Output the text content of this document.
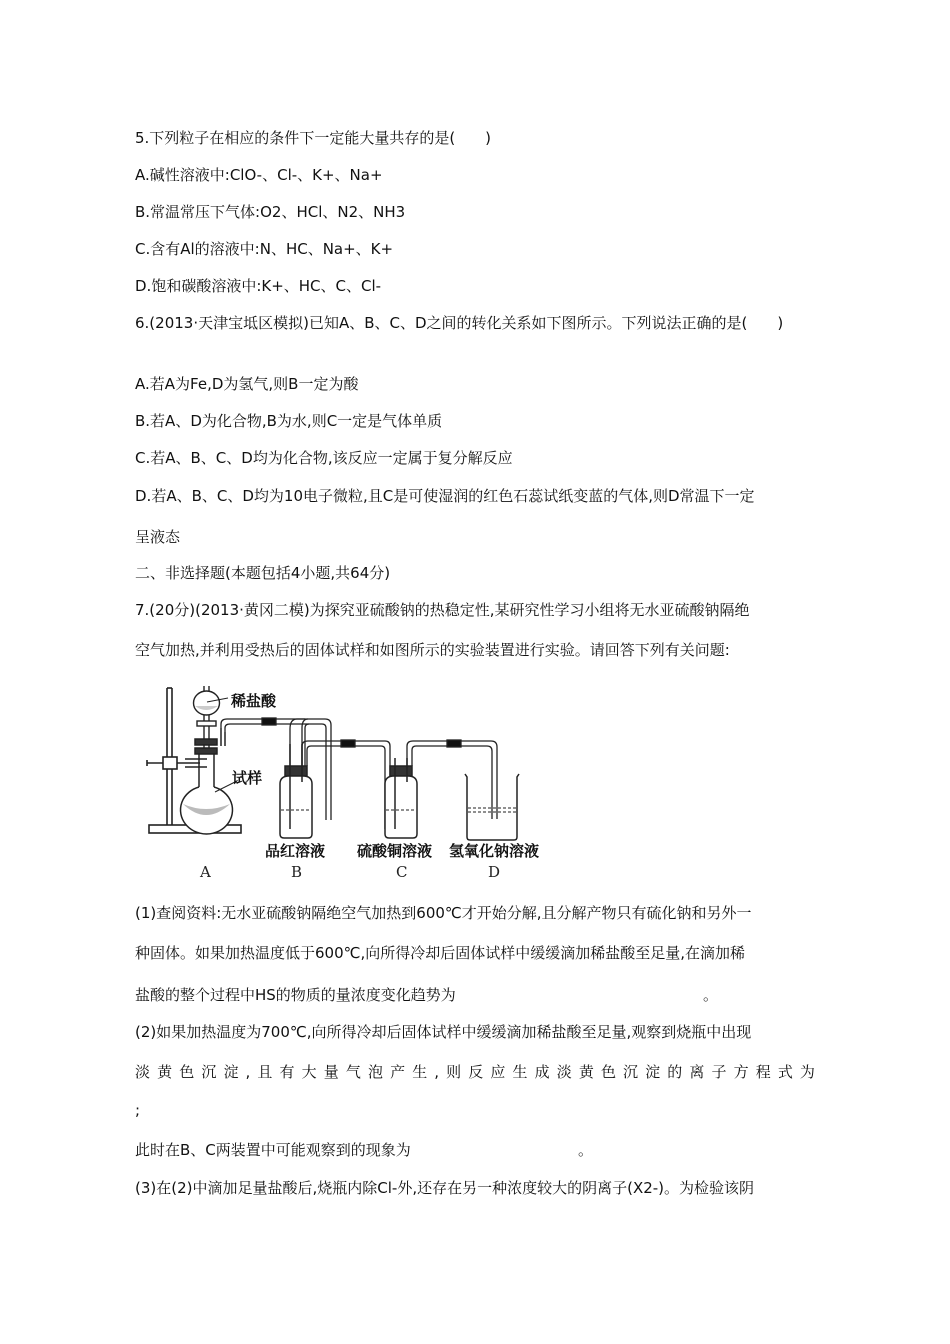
5.下列粒子在相应的条件下一定能大量共存的是(　　)
A.碱性溶液中:ClO-、Cl-、K+、Na+
B.常温常压下气体:O2、HCl、N2、NH3
C.含有Al的溶液中:N、HC、Na+、K+
D.饱和碳酸溶液中:K+、HC、C、Cl-
6.(2013·天津宝坻区模拟)已知A、B、C、D之间的转化关系如下图所示。下列说法正确的是(　　)
A.若A为Fe,D为氢气,则B一定为酸
B.若A、D为化合物,B为水,则C一定是气体单质
C.若A、B、C、D均为化合物,该反应一定属于复分解反应
D.若A、B、C、D均为10电子微粒,且C是可使湿润的红色石蕊试纸变蓝的气体,则D常温下一定
呈液态
二、非选择题(本题包括4小题,共64分)
7.(20分)(2013·黄冈二模)为探究亚硫酸钠的热稳定性,某研究性学习小组将无水亚硫酸钠隔绝
空气加热,并利用受热后的固体试样和如图所示的实验装置进行实验。请回答下列有关问题:
稀盐酸
试样
品红溶液 硫酸铜溶液 氢氧化钠溶液
A	B	C	D
(1)查阅资料:无水亚硫酸钠隔绝空气加热到600℃才开始分解,且分解产物只有硫化钠和另外一
种固体。如果加热温度低于600℃,向所得冷却后固体试样中缓缓滴加稀盐酸至足量,在滴加稀
盐酸的整个过程中HS的物质的量浓度变化趋势为	。
(2)如果加热温度为700℃,向所得冷却后固体试样中缓缓滴加稀盐酸至足量,观察到烧瓶中出现
淡 黄 色 沉 淀 , 且 有 大 量 气 泡 产 生 , 则 反 应 生 成 淡 黄 色 沉 淀 的 离 子 方 程 式 为
;
此时在B、C两装置中可能观察到的现象为	。
(3)在(2)中滴加足量盐酸后,烧瓶内除Cl-外,还存在另一种浓度较大的阴离子(X2-)。为检验该阴
